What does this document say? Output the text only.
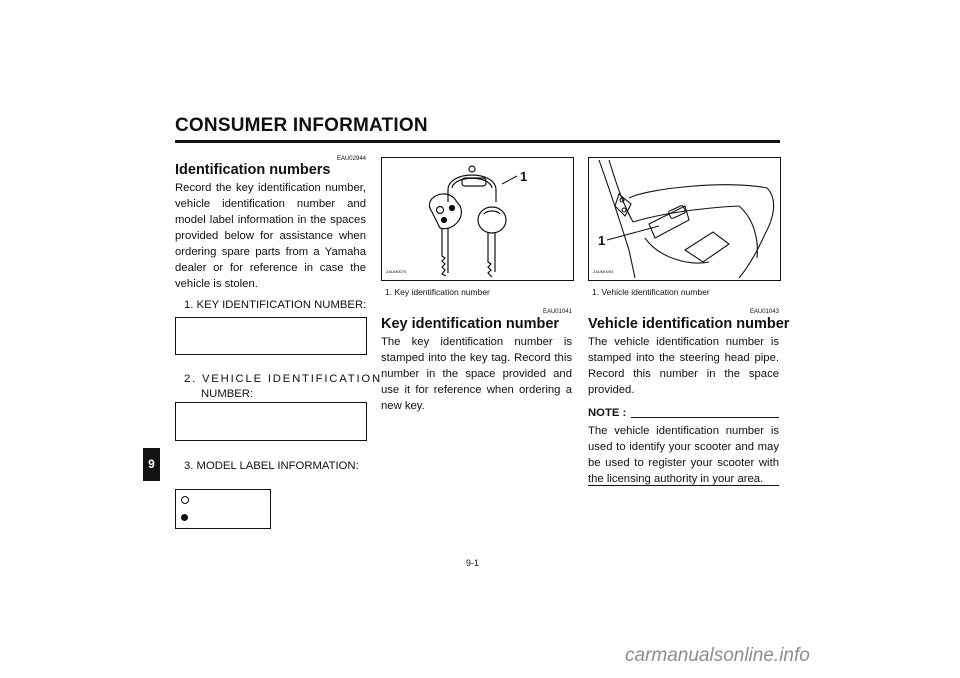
CONSUMER INFORMATION
9
EAU02944
Identification numbers

Record the key identification number, vehicle identification number and model label information in the spaces provided below for assistance when ordering spare parts from a Yamaha dealer or for reference in case the vehicle is stolen.

1. KEY IDENTIFICATION NUMBER:
2. VEHICLE IDENTIFICATION
NUMBER:
3. MODEL LABEL INFORMATION:
ZAUM0075
1
1. Key identification number
EAU01041
Key identification number

The key identification number is stamped into the key tag. Record this number in the space provided and use it for reference when ordering a new key.

ZAUM0093
1
1. Vehicle identification number
EAU01043
Vehicle identification number

The vehicle identification number is stamped into the steering head pipe. Record this number in the space provided.

NOTE :

The vehicle identification number is used to identify your scooter and may be used to register your scooter with the licensing authority in your area.

9-1
carmanualsonline.info
